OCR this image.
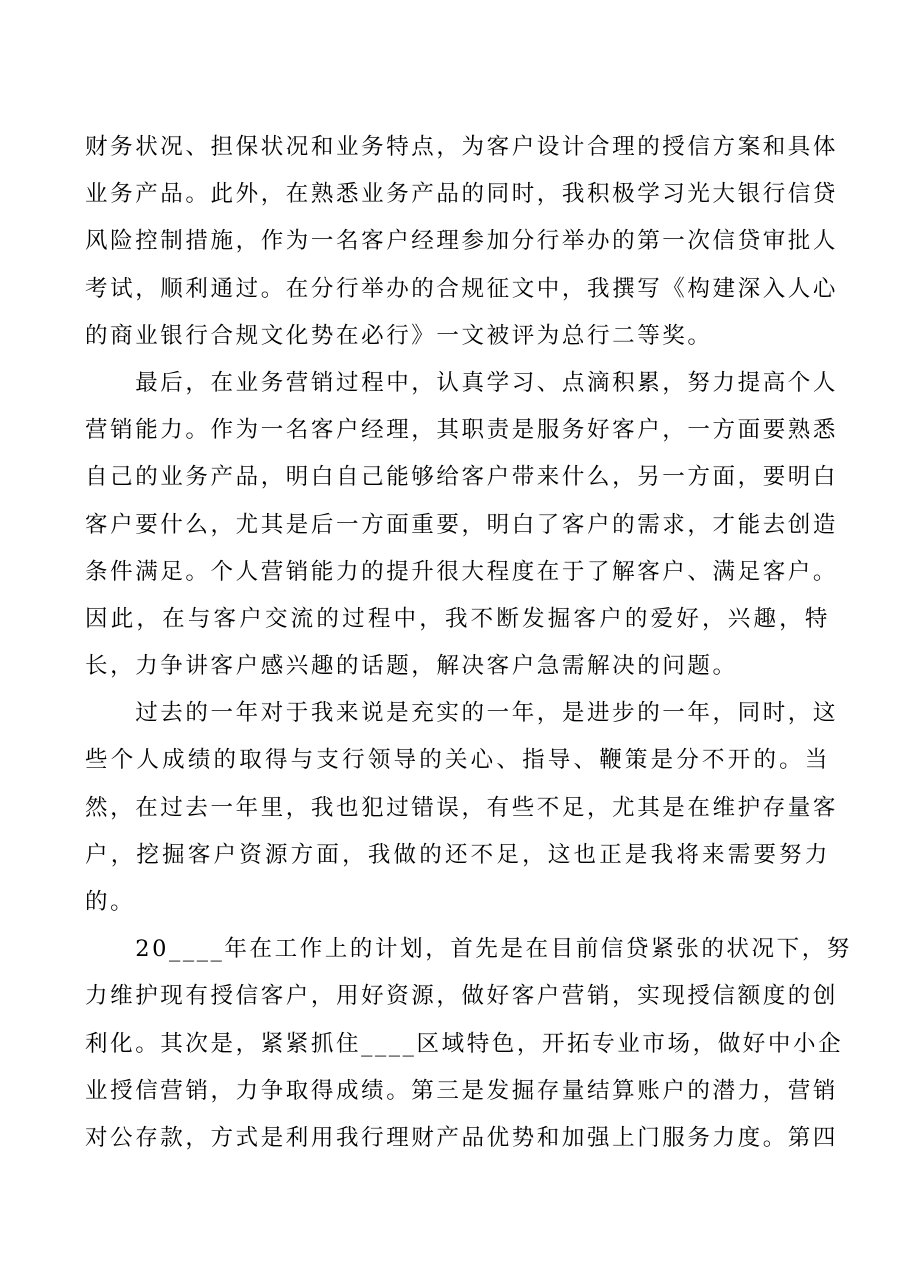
财务状况、担保状况和业务特点，为客户设计合理的授信方案和具体
业务产品。此外，在熟悉业务产品的同时，我积极学习光大银行信贷
风险控制措施，作为一名客户经理参加分行举办的第一次信贷审批人
考试，顺利通过。在分行举办的合规征文中，我撰写《构建深入人心
的商业银行合规文化势在必行》一文被评为总行二等奖。
　　最后，在业务营销过程中，认真学习、点滴积累，努力提高个人
营销能力。作为一名客户经理，其职责是服务好客户，一方面要熟悉
自己的业务产品，明白自己能够给客户带来什么，另一方面，要明白
客户要什么，尤其是后一方面重要，明白了客户的需求，才能去创造
条件满足。个人营销能力的提升很大程度在于了解客户、满足客户。
因此，在与客户交流的过程中，我不断发掘客户的爱好，兴趣，特
长，力争讲客户感兴趣的话题，解决客户急需解决的问题。
　　过去的一年对于我来说是充实的一年，是进步的一年，同时，这
些个人成绩的取得与支行领导的关心、指导、鞭策是分不开的。当
然，在过去一年里，我也犯过错误，有些不足，尤其是在维护存量客
户，挖掘客户资源方面，我做的还不足，这也正是我将来需要努力
的。
　　20____年在工作上的计划，首先是在目前信贷紧张的状况下，努
力维护现有授信客户，用好资源，做好客户营销，实现授信额度的创
利化。其次是，紧紧抓住____区域特色，开拓专业市场，做好中小企
业授信营销，力争取得成绩。第三是发掘存量结算账户的潜力，营销
对公存款，方式是利用我行理财产品优势和加强上门服务力度。第四
